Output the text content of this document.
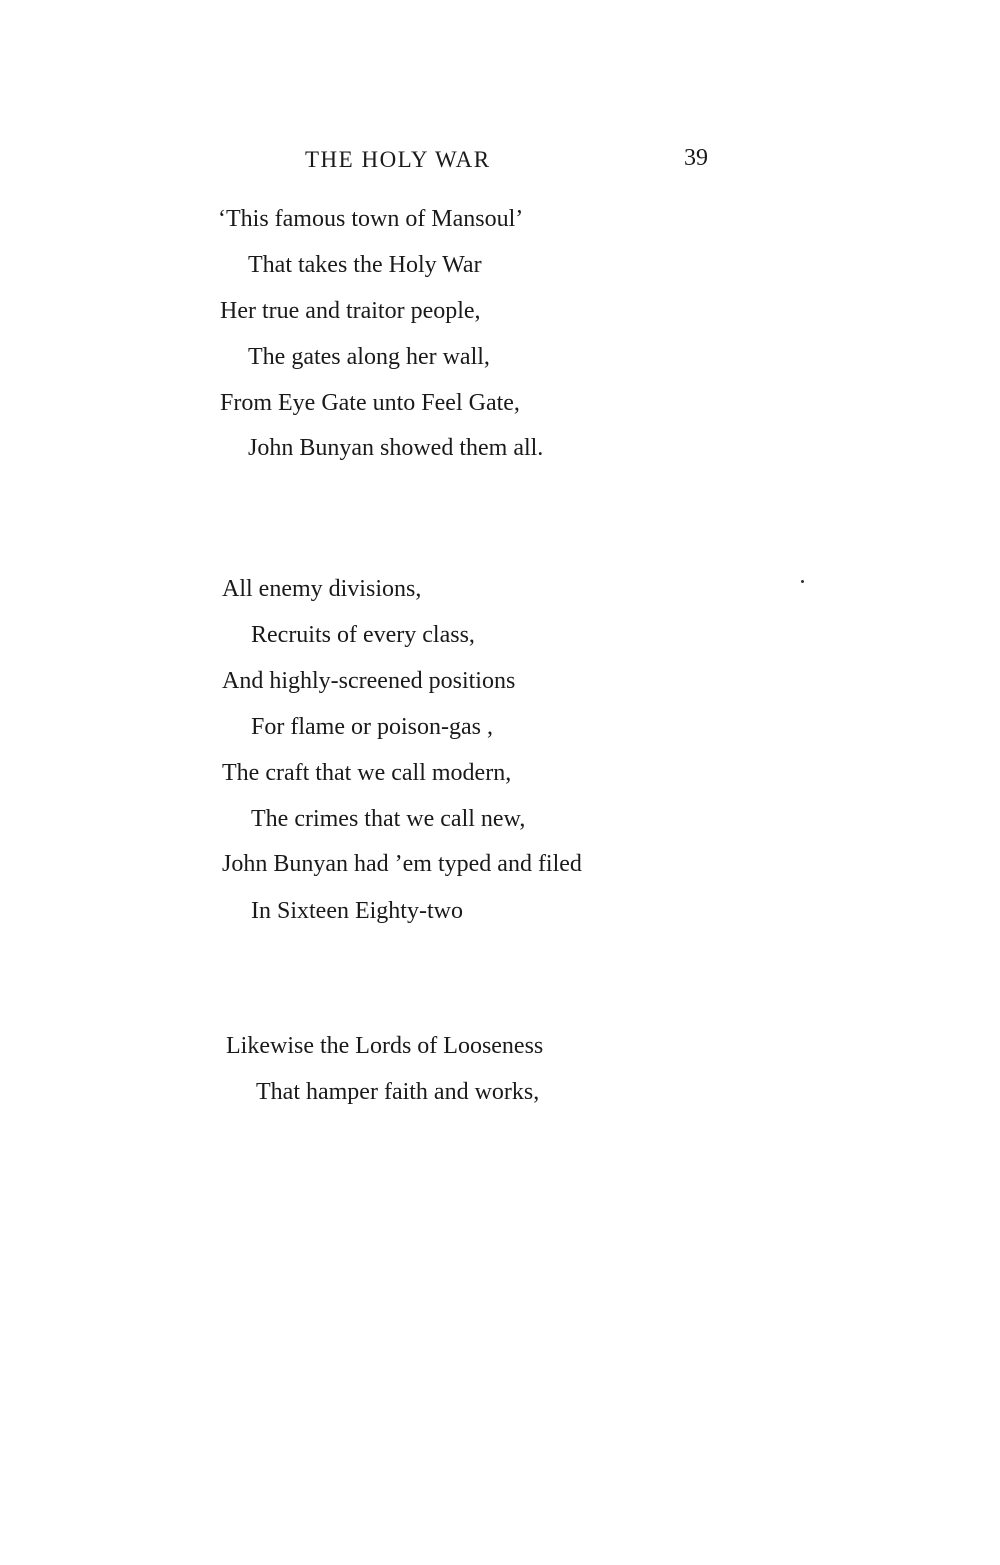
THE HOLY WAR	39
‘This famous town of Mansoul’
That takes the Holy War
Her true and traitor people,
The gates along her wall,
From Eye Gate unto Feel Gate,
John Bunyan showed them all.
All enemy divisions,
Recruits of every class,
And highly-screened positions
For flame or poison-gas ,
The craft that we call modern,
The crimes that we call new,
John Bunyan had ’em typed and filed
In Sixteen Eighty-two
Likewise the Lords of Looseness
That hamper faith and works,
